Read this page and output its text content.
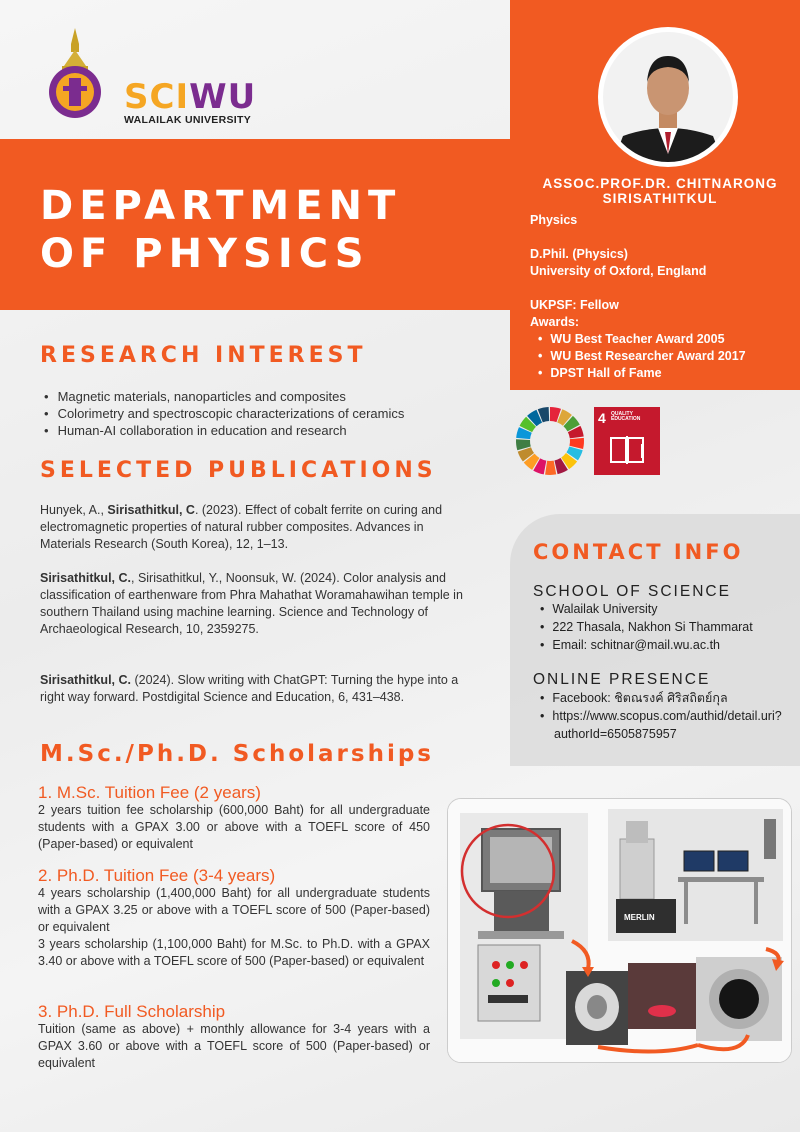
SCIWU
WALAILAK UNIVERSITY
DEPARTMENT
OF PHYSICS
ASSOC.PROF.DR. CHITNARONG
SIRISATHITKUL
Physics
D.Phil. (Physics)
University of Oxford, England
UKPSF: Fellow
Awards:
• WU Best Teacher Award 2005
• WU Best Researcher Award 2017
• DPST Hall of Fame
4 QUALITY
EDUCATION
RESEARCH INTEREST
• Magnetic materials, nanoparticles and composites
• Colorimetry and spectroscopic characterizations of ceramics
• Human-AI collaboration in education and research
SELECTED PUBLICATIONS
Hunyek, A., Sirisathitkul, C. (2023). Effect of cobalt ferrite on curing and electromagnetic properties of natural rubber composites. Advances in Materials Research (South Korea), 12, 1–13.
Sirisathitkul, C., Sirisathitkul, Y., Noonsuk, W. (2024). Color analysis and classification of earthenware from Phra Mahathat Woramahawihan temple in southern Thailand using machine learning. Science and Technology of Archaeological Research, 10, 2359275.
Sirisathitkul, C. (2024). Slow writing with ChatGPT: Turning the hype into a right way forward. Postdigital Science and Education, 6, 431–438.
M.Sc./Ph.D. Scholarships
1. M.Sc. Tuition Fee (2 years)
2 years tuition fee scholarship (600,000 Baht) for all undergraduate students with a GPAX 3.00 or above with a TOEFL score of 450 (Paper-based) or equivalent
2. Ph.D. Tuition Fee (3-4 years)
4 years scholarship (1,400,000 Baht) for all undergraduate students with a GPAX 3.25 or above with a TOEFL score of 500 (Paper-based) or equivalent
3 years scholarship (1,100,000 Baht) for M.Sc. to Ph.D. with a GPAX 3.40 or above with a TOEFL score of 500 (Paper-based) or equivalent
3. Ph.D. Full Scholarship
Tuition (same as above) + monthly allowance for 3-4 years with a GPAX 3.60 or above with a TOEFL score of 500 (Paper-based) or equivalent
CONTACT INFO
SCHOOL OF SCIENCE
• Walailak University
• 222 Thasala, Nakhon Si Thammarat
• Email: schitnar@mail.wu.ac.th
ONLINE PRESENCE
• Facebook: ชิตณรงค์ ศิริสถิตย์กุล
• https://www.scopus.com/authid/detail.uri?authorId=6505875957
MERLIN
